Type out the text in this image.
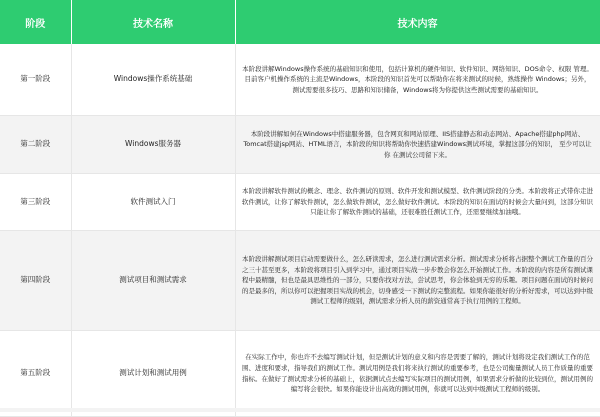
阶段	技术名称	技术内容
第一阶段	Windows操作系统基础	本阶段讲解Windows操作系统的基础知识和使用，包括计算机的硬件知识、软件知识、网络知识、DOS命令、权限 管理。目前客户机操作系统的主流是Windows，本阶段的知识首先可以帮助你在将来测试的时候，熟练操作 Windows；另外，测试需要很多技巧、思路和知识储备，Windows将为你提供这些测试需要的基础知识。
第二阶段	Windows服务器	本阶段讲解如何在Windows中搭建服务器，包含网页和网站原理、IIS搭建静态和动态网站、Apache搭建php网站、 Tomcat搭建jsp网站、HTML语言，本阶段的知识将帮助你快速搭建Windows测试环境，掌握这部分的知识， 至少可以让你 在测试公司留下来。
第三阶段	软件测试入门	本阶段讲解软件测试的概念、理念、软件测试的原则、软件开发和测试模型、软件测试阶段的分类。本阶段将正式带你走进 软件测试，让你了解软件测试，怎么做软件测试，怎么做好软件测试。本阶段的知识在面试的时候会大量问到，这部分知识只能让你了解软件测试的基础，还很难胜任测试工作，还需要继续加油哦。
第四阶段	测试项目和测试需求	本阶段讲解测试项目启动需要做什么，怎么研读需求，怎么进行测试需求分析。测试需求分析将占据整个测试工作量的百分之三十甚至更多，本阶段将项目引入到学习中，通过项目实战一步步教会你怎么开始测试工作。本阶段的内容是所有测试课程中最精髓，但也是最具思维性的一部分，只要你找对方法，尝试思考，你会体验到无穷的乐趣。项目问题在面试的时候问的是最多的，所以你可以把握项目实战的机会，切身感受一下测试的完整流程。如果你能很好的分析好需求，可以达到中级测试工程师的级别，测试需求分析人员的薪资通常高于执行用例的工程师。
第五阶段	测试计划和测试用例	在实际工作中，你也许不去编写测试计划，但是测试计划的意义和内容是需要了解的，测试计划将设定我们测试工作的范围、进度和要求，指导我们的测试工作。测试用例是我们将来执行测试的重要参考，也是公司衡量测试人员工作质量的重要指标。在做好了测试需求分析的基础上，依据测试点去编写实际项目的测试用例，如果需求分析做的比较到位，测试用例的编写将会很快。如果你能设计出高效的测试用例，你就可以达到中级测试工程师的级别。
